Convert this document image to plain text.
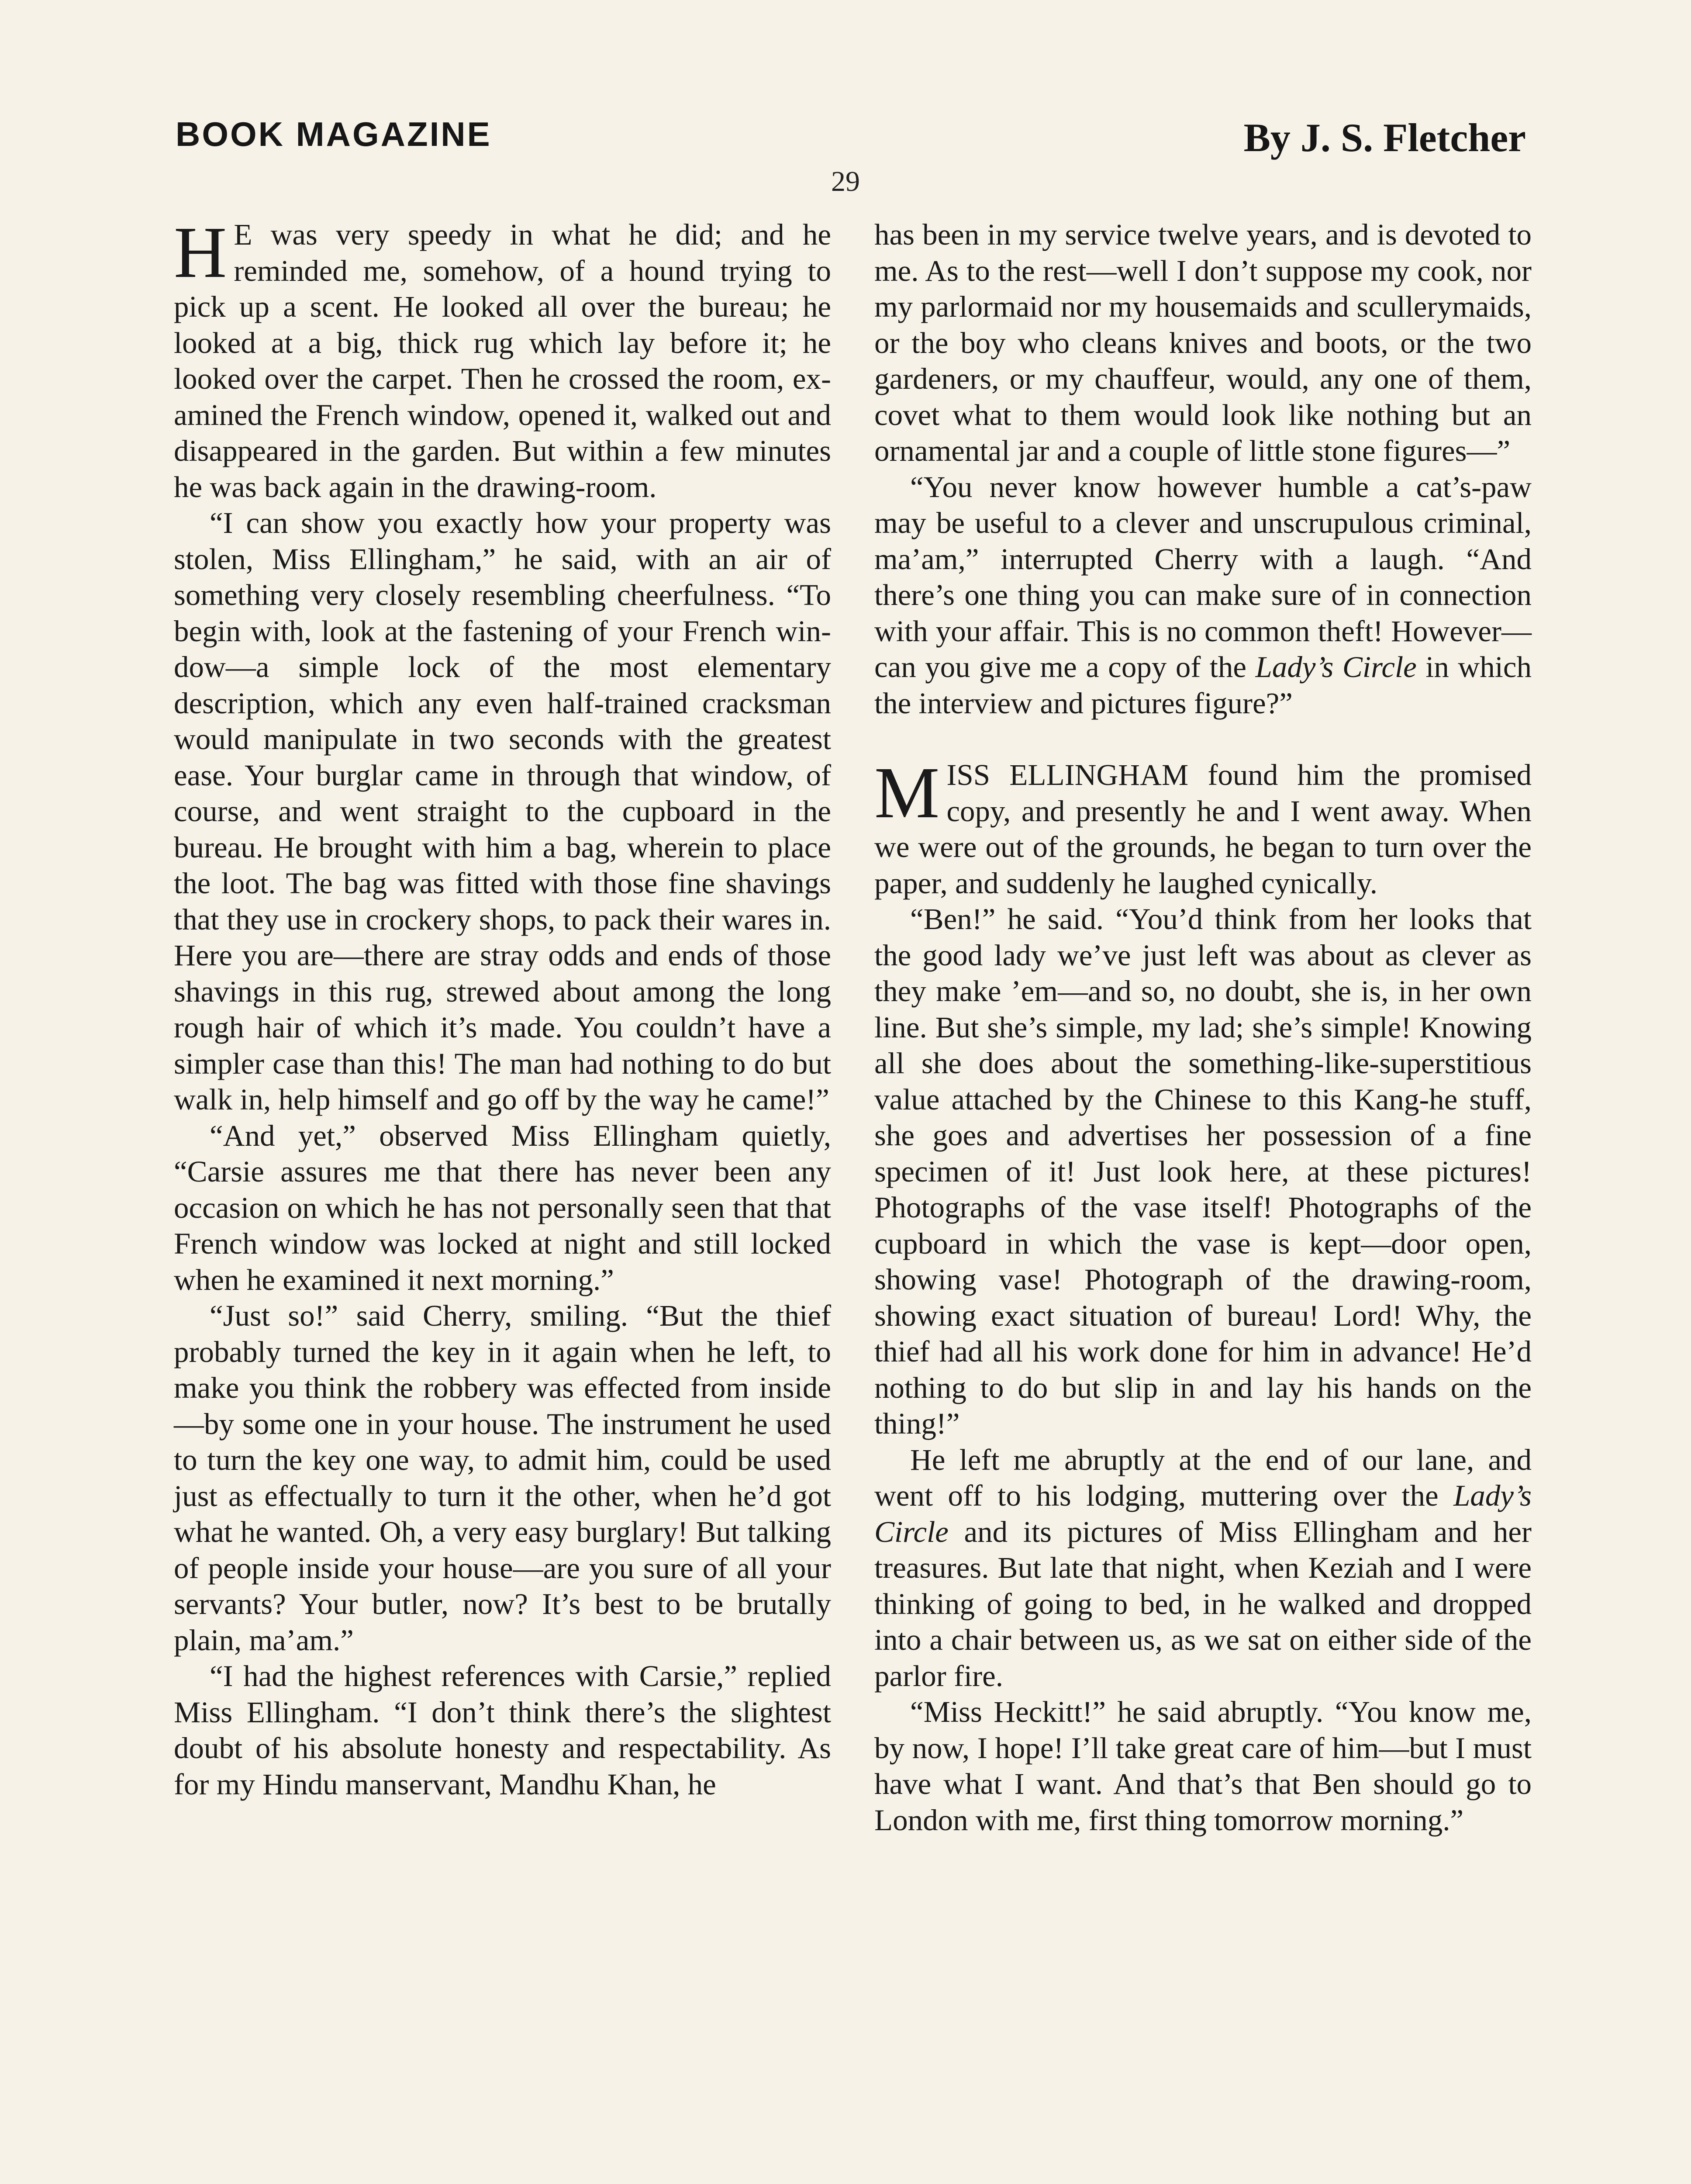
BOOK MAGAZINE	By J. S. Fletcher
29

H E was very speedy in what he did; and he reminded me, somehow, of a hound trying to pick up a scent. He looked all over the bureau; he looked at a big, thick rug which lay before it; he looked over the carpet. Then he crossed the room, examined the French window, opened it, walked out and disappeared in the garden. But within a few minutes he was back again in the drawing-room.

“I can show you exactly how your property was stolen, Miss Ellingham,” he said, with an air of something very closely resembling cheerfulness. “To begin with, look at the fastening of your French window—a simple lock of the most elementary description, which any even half-trained cracksman would manipulate in two seconds with the greatest ease. Your burglar came in through that window, of course, and went straight to the cupboard in the bureau. He brought with him a bag, wherein to place the loot. The bag was fitted with those fine shavings that they use in crockery shops, to pack their wares in. Here you are—there are stray odds and ends of those shavings in this rug, strewed about among the long rough hair of which it’s made. You couldn’t have a simpler case than this! The man had nothing to do but walk in, help himself and go off by the way he came!”

“And yet,” observed Miss Ellingham quietly, “Carsie assures me that there has never been any occasion on which he has not personally seen that that French window was locked at night and still locked when he examined it next morning.”

“Just so!” said Cherry, smiling. “But the thief probably turned the key in it again when he left, to make you think the robbery was effected from inside—by some one in your house. The instrument he used to turn the key one way, to admit him, could be used just as effectually to turn it the other, when he’d got what he wanted. Oh, a very easy burglary! But talking of people inside your house—are you sure of all your servants? Your butler, now? It’s best to be brutally plain, ma’am.”

“I had the highest references with Carsie,” replied Miss Ellingham. “I don’t think there’s the slightest doubt of his absolute honesty and respectability. As for my Hindu manservant, Mandhu Khan, he

has been in my service twelve years, and is devoted to me. As to the rest—well I don’t suppose my cook, nor my parlormaid nor my housemaids and scullerymaids, or the boy who cleans knives and boots, or the two gardeners, or my chauffeur, would, any one of them, covet what to them would look like nothing but an ornamental jar and a couple of little stone figures—”

“You never know however humble a cat’s-paw may be useful to a clever and unscrupulous criminal, ma’am,” interrupted Cherry with a laugh. “And there’s one thing you can make sure of in connection with your affair. This is no common theft! However—can you give me a copy of the Lady’s Circle in which the interview and pictures figure?”

MISS ELLINGHAM found him the promised copy, and presently he and I went away. When we were out of the grounds, he began to turn over the paper, and suddenly he laughed cynically.

“Ben!” he said. “You’d think from her looks that the good lady we’ve just left was about as clever as they make ’em—and so, no doubt, she is, in her own line. But she’s simple, my lad; she’s simple! Knowing all she does about the something-like-superstitious value attached by the Chinese to this Kang-he stuff, she goes and advertises her possession of a fine specimen of it! Just look here, at these pictures! Photographs of the vase itself! Photographs of the cupboard in which the vase is kept—door open, showing vase! Photograph of the drawing-room, showing exact situation of bureau! Lord! Why, the thief had all his work done for him in advance! He’d nothing to do but slip in and lay his hands on the thing!”

He left me abruptly at the end of our lane, and went off to his lodging, muttering over the Lady’s Circle and its pictures of Miss Ellingham and her treasures. But late that night, when Keziah and I were thinking of going to bed, in he walked and dropped into a chair between us, as we sat on either side of the parlor fire.

“Miss Heckitt!” he said abruptly. “You know me, by now, I hope! I’ll take great care of him—but I must have what I want. And that’s that Ben should go to London with me, first thing tomorrow morning.”
